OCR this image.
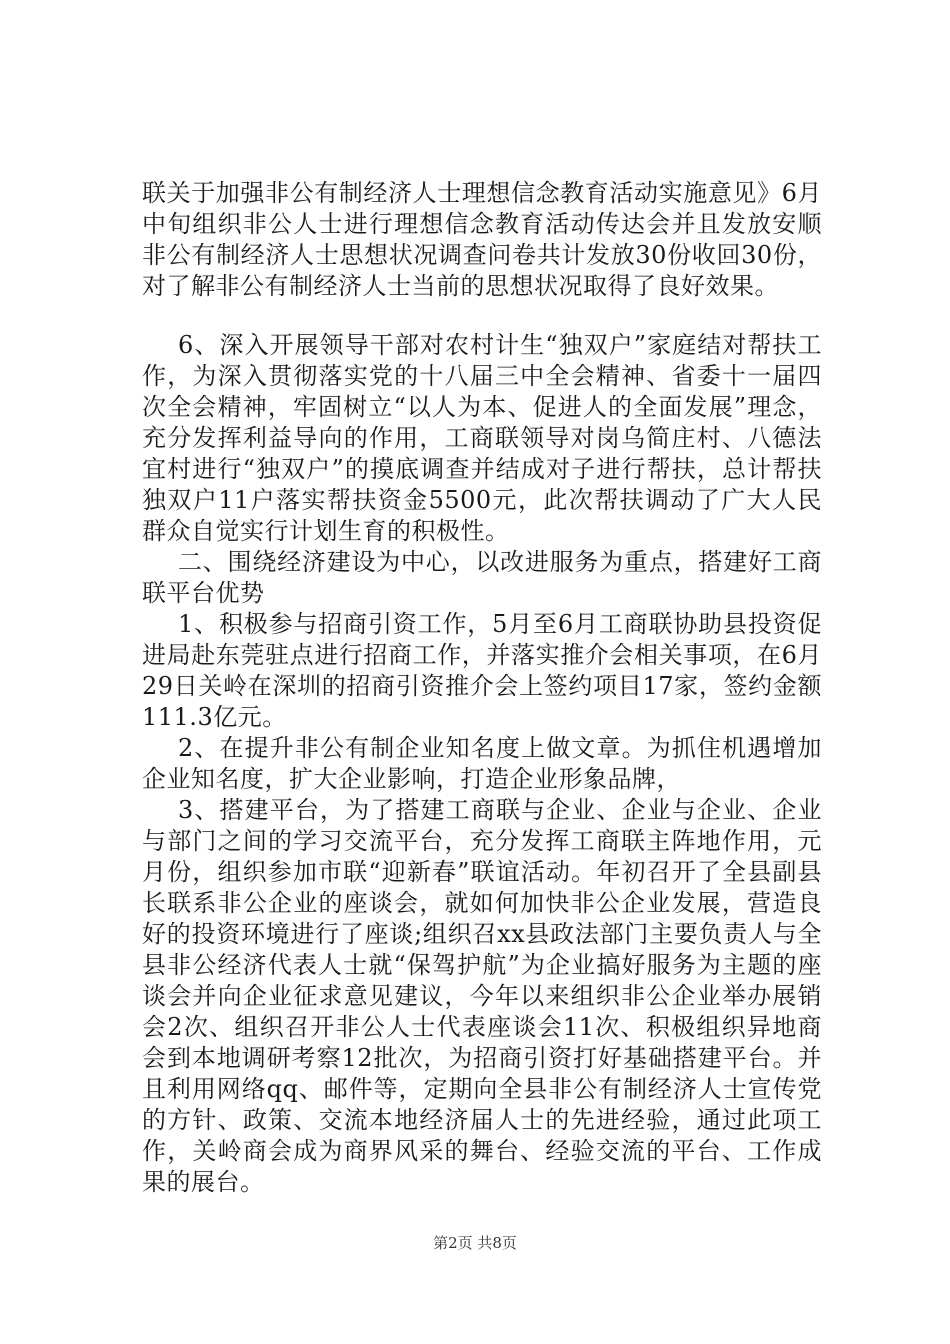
联关于加强非公有制经济人士理想信念教育活动实施意见》6月中旬组织非公人士进行理想信念教育活动传达会并且发放安顺非公有制经济人士思想状况调查问卷共计发放30份收回30份，对了解非公有制经济人士当前的思想状况取得了良好效果。

6、深入开展领导干部对农村计生“独双户”家庭结对帮扶工作，为深入贯彻落实党的十八届三中全会精神、省委十一届四次全会精神，牢固树立“以人为本、促进人的全面发展”理念，充分发挥利益导向的作用，工商联领导对岗乌简庄村、八德法宜村进行“独双户”的摸底调查并结成对子进行帮扶，总计帮扶独双户11户落实帮扶资金5500元，此次帮扶调动了广大人民群众自觉实行计划生育的积极性。

二、围绕经济建设为中心，以改进服务为重点，搭建好工商联平台优势

1、积极参与招商引资工作，5月至6月工商联协助县投资促进局赴东莞驻点进行招商工作，并落实推介会相关事项，在6月29日关岭在深圳的招商引资推介会上签约项目17家，签约金额111.3亿元。

2、在提升非公有制企业知名度上做文章。为抓住机遇增加企业知名度，扩大企业影响，打造企业形象品牌，

3、搭建平台，为了搭建工商联与企业、企业与企业、企业与部门之间的学习交流平台，充分发挥工商联主阵地作用，元月份，组织参加市联“迎新春”联谊活动。年初召开了全县副县长联系非公企业的座谈会，就如何加快非公企业发展，营造良好的投资环境进行了座谈;组织召xx县政法部门主要负责人与全县非公经济代表人士就“保驾护航”为企业搞好服务为主题的座谈会并向企业征求意见建议，今年以来组织非公企业举办展销会2次、组织召开非公人士代表座谈会11次、积极组织异地商会到本地调研考察12批次，为招商引资打好基础搭建平台。并且利用网络qq、邮件等，定期向全县非公有制经济人士宣传党的方针、政策、交流本地经济届人士的先进经验，通过此项工作，关岭商会成为商界风采的舞台、经验交流的平台、工作成果的展台。

第2页 共8页
